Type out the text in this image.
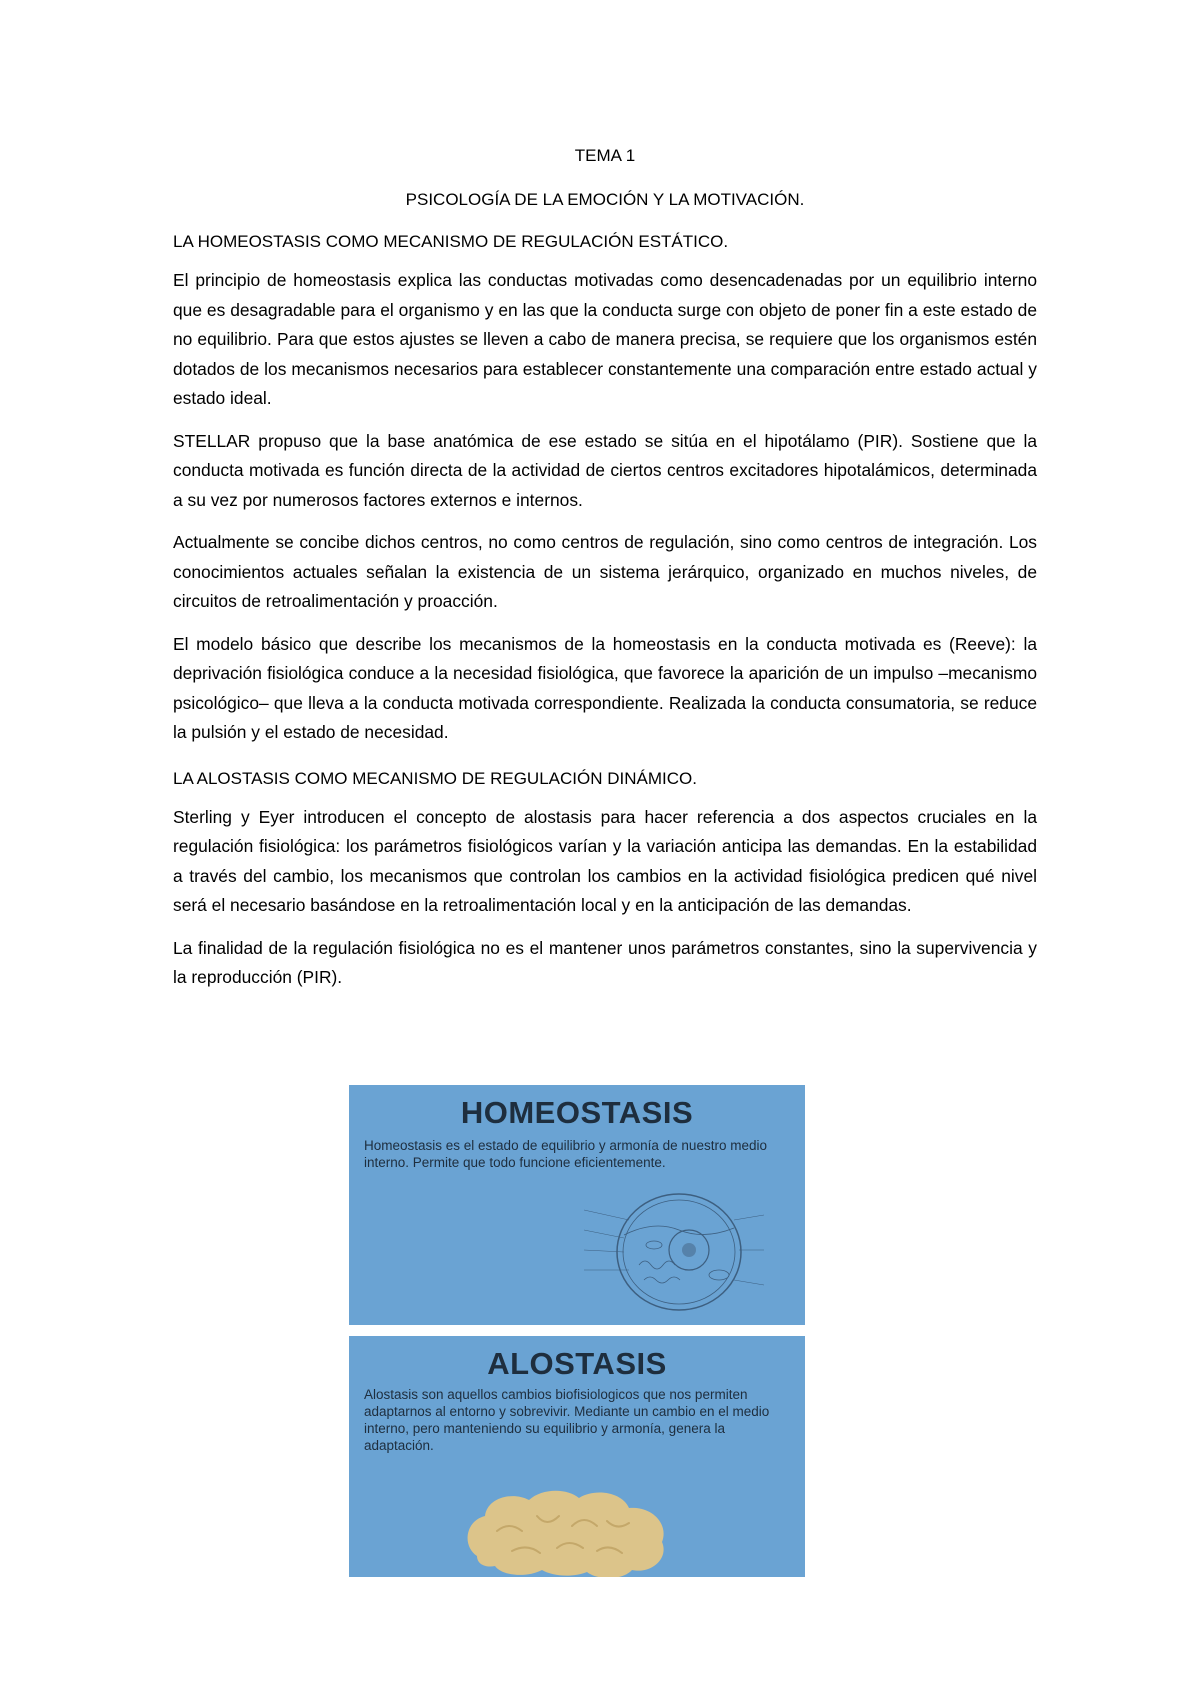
TEMA 1

PSICOLOGÍA DE LA EMOCIÓN Y LA MOTIVACIÓN.

LA HOMEOSTASIS COMO MECANISMO DE REGULACIÓN ESTÁTICO.

El principio de homeostasis explica las conductas motivadas como desencadenadas por un equilibrio interno que es desagradable para el organismo y en las que la conducta surge con objeto de poner fin a este estado de no equilibrio. Para que estos ajustes se lleven a cabo de manera precisa, se requiere que los organismos estén dotados de los mecanismos necesarios para establecer constantemente una comparación entre estado actual y estado ideal.

STELLAR propuso que la base anatómica de ese estado se sitúa en el hipotálamo (PIR). Sostiene que la conducta motivada es función directa de la actividad de ciertos centros excitadores hipotalámicos, determinada a su vez por numerosos factores externos e internos.

Actualmente se concibe dichos centros, no como centros de regulación, sino como centros de integración. Los conocimientos actuales señalan la existencia de un sistema jerárquico, organizado en muchos niveles, de circuitos de retroalimentación y proacción.

El modelo básico que describe los mecanismos de la homeostasis en la conducta motivada es (Reeve): la deprivación fisiológica conduce a la necesidad fisiológica, que favorece la aparición de un impulso –mecanismo psicológico– que lleva a la conducta motivada correspondiente. Realizada la conducta consumatoria, se reduce la pulsión y el estado de necesidad.

LA ALOSTASIS COMO MECANISMO DE REGULACIÓN DINÁMICO.

Sterling y Eyer introducen el concepto de alostasis para hacer referencia a dos aspectos cruciales en la regulación fisiológica: los parámetros fisiológicos varían y la variación anticipa las demandas. En la estabilidad a través del cambio, los mecanismos que controlan los cambios en la actividad fisiológica predicen qué nivel será el necesario basándose en la retroalimentación local y en la anticipación de las demandas.

La finalidad de la regulación fisiológica no es el mantener unos parámetros constantes, sino la supervivencia y la reproducción (PIR).

HOMEOSTASIS
Homeostasis es el estado de equilibrio y armonía de nuestro medio interno. Permite que todo funcione eficientemente.
ALOSTASIS
Alostasis son aquellos cambios biofisiologicos que nos permiten adaptarnos al entorno y sobrevivir. Mediante un cambio en el medio interno, pero manteniendo su equilibrio y armonía, genera la adaptación.
